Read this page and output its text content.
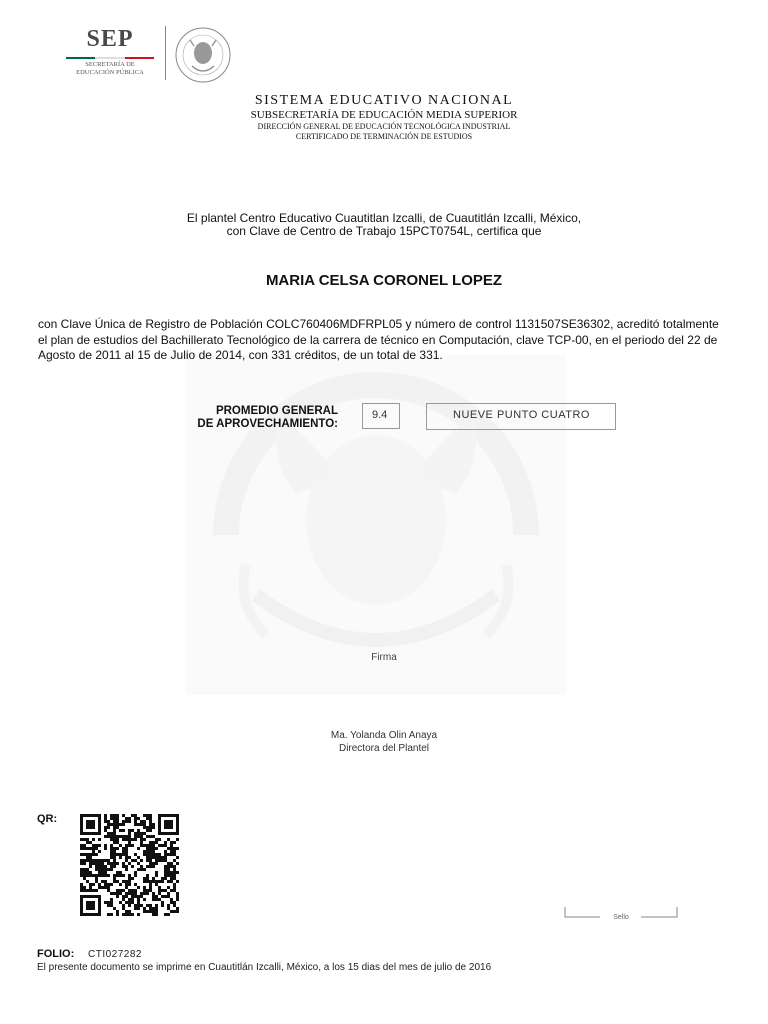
SEP
SECRETARÍA DE
EDUCACIÓN PÚBLICA
SISTEMA EDUCATIVO NACIONAL
SUBSECRETARÍA DE EDUCACIÓN MEDIA SUPERIOR
DIRECCIÓN GENERAL DE EDUCACIÓN TECNOLÓGICA INDUSTRIAL
CERTIFICADO DE TERMINACIÓN DE ESTUDIOS
El plantel Centro Educativo Cuautitlan Izcalli, de Cuautitlán Izcalli, México,
con Clave de Centro de Trabajo 15PCT0754L, certifica que
MARIA CELSA CORONEL LOPEZ
con Clave Única de Registro de Población COLC760406MDFRPL05 y número de control 1131507SE36302, acreditó totalmente el plan de estudios del Bachillerato Tecnológico de la carrera de técnico en Computación, clave TCP-00, en el periodo del 22 de Agosto de 2011 al 15 de Julio de 2014, con 331 créditos, de un total de 331.
PROMEDIO GENERAL
DE APROVECHAMIENTO:
9.4	NUEVE PUNTO CUATRO
Firma
Ma. Yolanda Olin Anaya
Directora del Plantel
QR:
Sello
FOLIO: CTI027282
El presente documento se imprime en Cuautitlán Izcalli, México, a los 15 dias del mes de julio de 2016
